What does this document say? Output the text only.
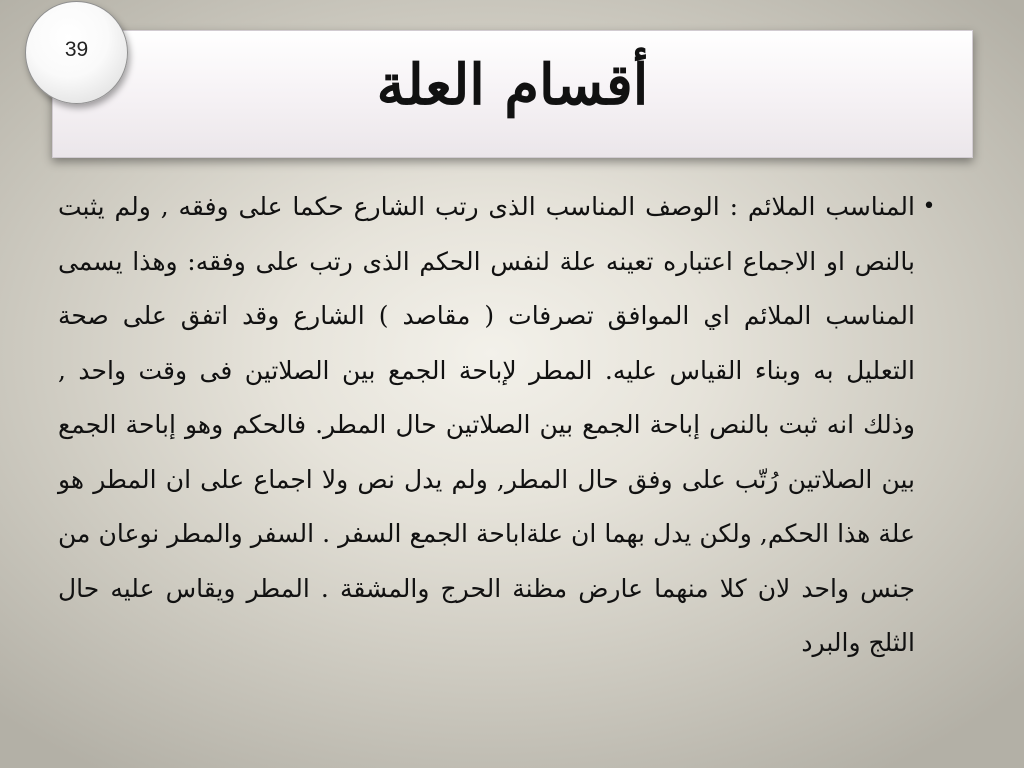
39
أقسام العلة
•
المناسب الملائم : الوصف المناسب الذى رتب الشارع حكما على وفقه , ولم يثبت بالنص او الاجماع اعتباره تعينه علة لنفس الحكم الذى رتب على وفقه: وهذا يسمى المناسب الملائم اي الموافق تصرفات ( مقاصد ) الشارع وقد اتفق على صحة التعليل به وبناء القياس عليه. المطر لإباحة الجمع بين الصلاتين فى وقت واحد , وذلك انه ثبت بالنص إباحة الجمع بين الصلاتين حال المطر. فالحكم وهو إباحة الجمع بين الصلاتين رُتّب على وفق حال المطر, ولم يدل نص ولا اجماع على ان المطر هو علة هذا الحكم, ولكن يدل بهما ان علةاباحة الجمع السفر . السفر والمطر نوعان من جنس واحد لان كلا منهما عارض مظنة الحرج والمشقة . المطر ويقاس عليه حال الثلج والبرد
